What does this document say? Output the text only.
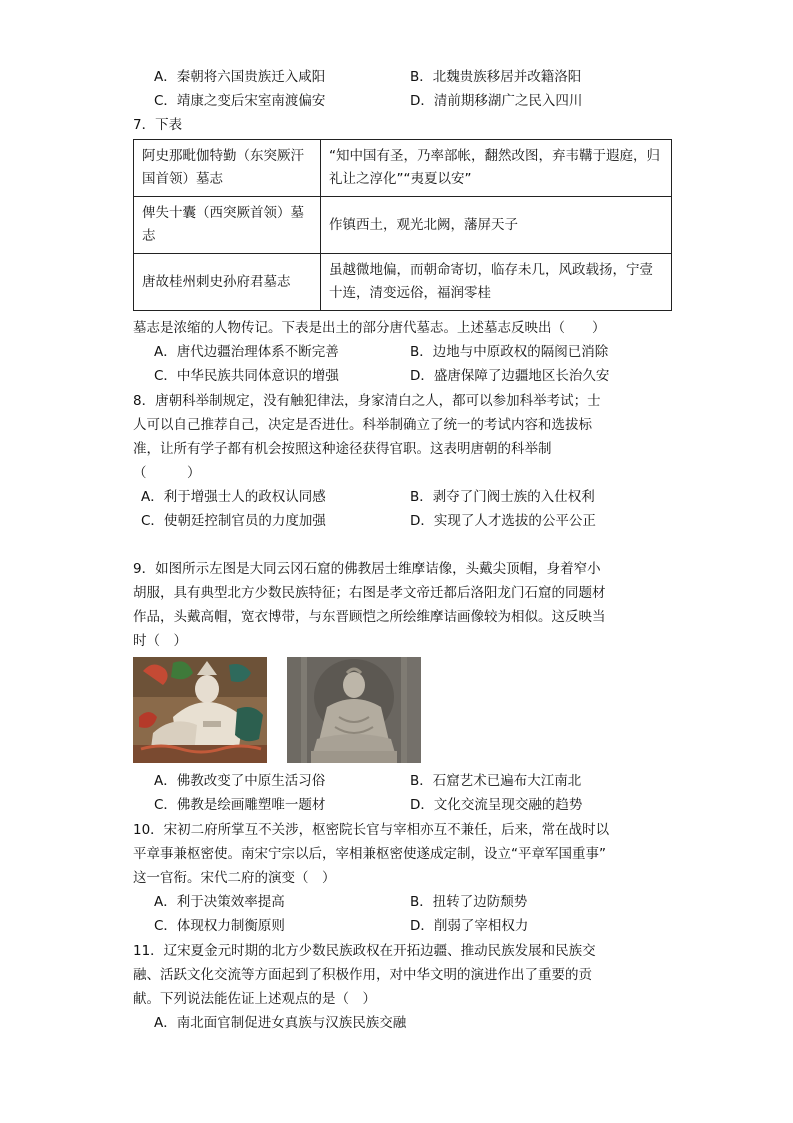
A．秦朝将六国贵族迁入咸阳	B．北魏贵族移居并改籍洛阳
C．靖康之变后宋室南渡偏安	D．清前期移湖广之民入四川
7．下表
阿史那毗伽特勤（东突厥汗国首领）墓志	“知中国有圣，乃率部帐，翻然改图，弃韦鞲于遐庭，归礼让之淳化”“夷夏以安”
俾失十囊（西突厥首领）墓志	作镇西土，观光北阙，藩屏天子
唐故桂州刺史孙府君墓志	虽越微地偏，而朝命寄切，临存未几，风政载扬，宁壹十连，清变远俗，福润零桂
墓志是浓缩的人物传记。下表是出土的部分唐代墓志。上述墓志反映出（　　）
A．唐代边疆治理体系不断完善	B．边地与中原政权的隔阂已消除
C．中华民族共同体意识的增强	D．盛唐保障了边疆地区长治久安
8．唐朝科举制规定，没有触犯律法，身家清白之人，都可以参加科举考试；士
人可以自己推荐自己，决定是否进仕。科举制确立了统一的考试内容和选拔标
准，让所有学子都有机会按照这种途径获得官职。这表明唐朝的科举制
（　　　）
A．利于增强士人的政权认同感	B．剥夺了门阀士族的入仕权利
C．使朝廷控制官员的力度加强	D．实现了人才选拔的公平公正
9．如图所示左图是大同云冈石窟的佛教居士维摩诘像，头戴尖顶帽，身着窄小
胡服，具有典型北方少数民族特征；右图是孝文帝迁都后洛阳龙门石窟的同题材
作品，头戴高帽，宽衣博带，与东晋顾恺之所绘维摩诘画像较为相似。这反映当
时（　）
A．佛教改变了中原生活习俗	B．石窟艺术已遍布大江南北
C．佛教是绘画雕塑唯一题材	D．文化交流呈现交融的趋势
10．宋初二府所掌互不关涉，枢密院长官与宰相亦互不兼任，后来，常在战时以
平章事兼枢密使。南宋宁宗以后，宰相兼枢密使遂成定制，设立“平章军国重事”
这一官衔。宋代二府的演变（　）
A．利于决策效率提高	B．扭转了边防颓势
C．体现权力制衡原则	D．削弱了宰相权力
11．辽宋夏金元时期的北方少数民族政权在开拓边疆、推动民族发展和民族交
融、活跃文化交流等方面起到了积极作用，对中华文明的演进作出了重要的贡
献。下列说法能佐证上述观点的是（　）
A．南北面官制促进女真族与汉族民族交融
